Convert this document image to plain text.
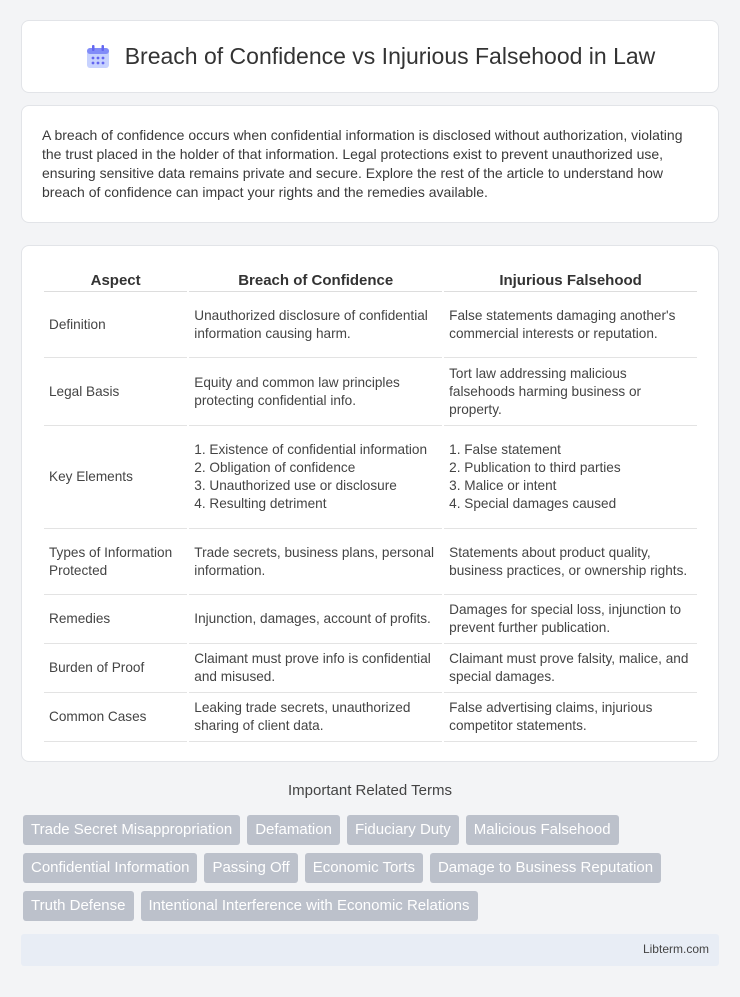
Breach of Confidence vs Injurious Falsehood in Law

A breach of confidence occurs when confidential information is disclosed without authorization, violating the trust placed in the holder of that information. Legal protections exist to prevent unauthorized use, ensuring sensitive data remains private and secure. Explore the rest of the article to understand how breach of confidence can impact your rights and the remedies available.

Aspect	Breach of Confidence	Injurious Falsehood
Definition	Unauthorized disclosure of confidential information causing harm.	False statements damaging another's commercial interests or reputation.
Legal Basis	Equity and common law principles protecting confidential info.	Tort law addressing malicious falsehoods harming business or property.
Key Elements	1. Existence of confidential information
2. Obligation of confidence
3. Unauthorized use or disclosure
4. Resulting detriment	1. False statement
2. Publication to third parties
3. Malice or intent
4. Special damages caused
Types of Information Protected	Trade secrets, business plans, personal information.	Statements about product quality, business practices, or ownership rights.
Remedies	Injunction, damages, account of profits.	Damages for special loss, injunction to prevent further publication.
Burden of Proof	Claimant must prove info is confidential and misused.	Claimant must prove falsity, malice, and special damages.
Common Cases	Leaking trade secrets, unauthorized sharing of client data.	False advertising claims, injurious competitor statements.
Important Related Terms
Trade Secret Misappropriation	Defamation	Fiduciary Duty	Malicious Falsehood
Confidential Information	Passing Off	Economic Torts	Damage to Business Reputation
Truth Defense	Intentional Interference with Economic Relations
Libterm.com
